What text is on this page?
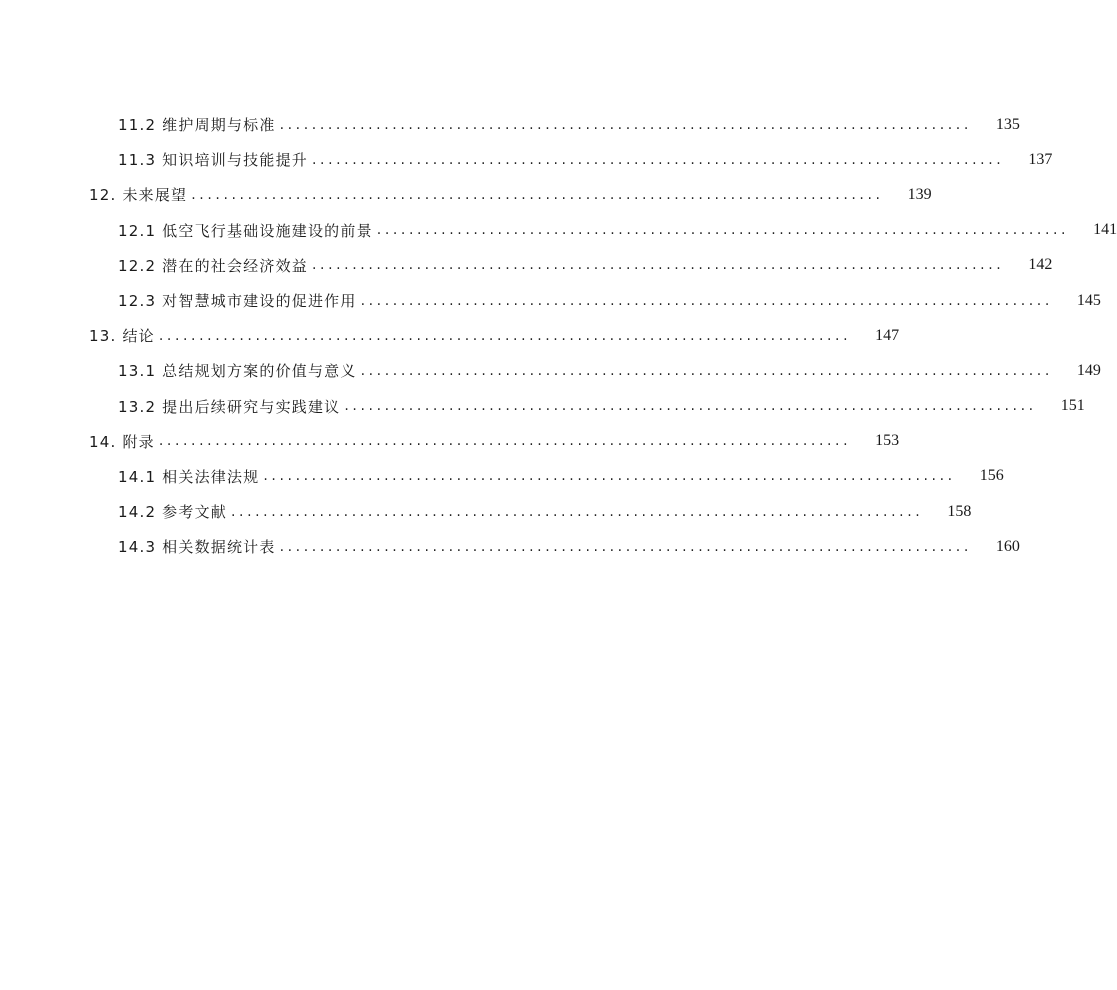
11.2 维护周期与标准 ......................................................................................	135
11.3 知识培训与技能提升 ......................................................................................	137
12. 未来展望 ......................................................................................	139
12.1 低空飞行基础设施建设的前景 ......................................................................................	141
12.2 潜在的社会经济效益 ......................................................................................	142
12.3 对智慧城市建设的促进作用 ......................................................................................	145
13. 结论 ......................................................................................	147
13.1 总结规划方案的价值与意义 ......................................................................................	149
13.2 提出后续研究与实践建议 ......................................................................................	151
14. 附录 ......................................................................................	153
14.1 相关法律法规 ......................................................................................	156
14.2 参考文献 ......................................................................................	158
14.3 相关数据统计表 ......................................................................................	160
